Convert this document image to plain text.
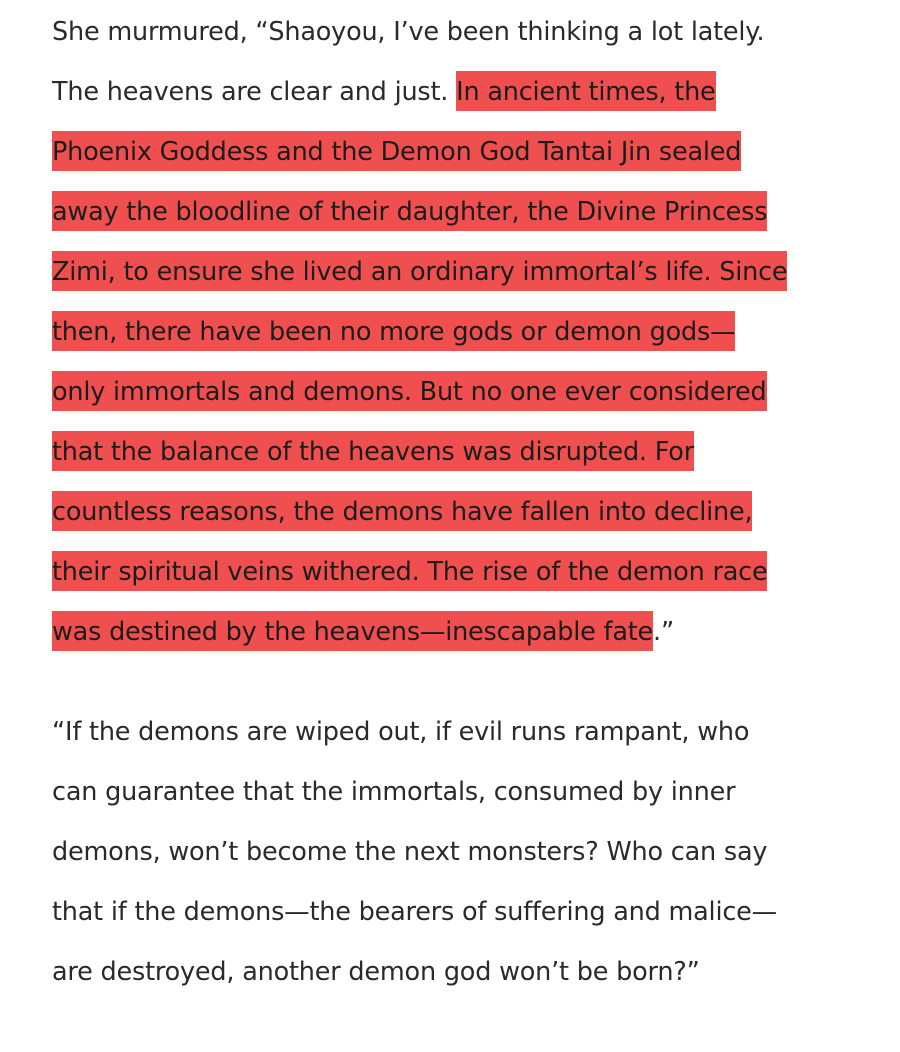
She murmured, “Shaoyou, I’ve been thinking a lot lately.
The heavens are clear and just. In ancient times, the
Phoenix Goddess and the Demon God Tantai Jin sealed
away the bloodline of their daughter, the Divine Princess
Zimi, to ensure she lived an ordinary immortal’s life. Since
then, there have been no more gods or demon gods—
only immortals and demons. But no one ever considered
that the balance of the heavens was disrupted. For
countless reasons, the demons have fallen into decline,
their spiritual veins withered. The rise of the demon race
was destined by the heavens—inescapable fate.”

“If the demons are wiped out, if evil runs rampant, who
can guarantee that the immortals, consumed by inner
demons, won’t become the next monsters? Who can say
that if the demons—the bearers of suffering and malice—
are destroyed, another demon god won’t be born?”
